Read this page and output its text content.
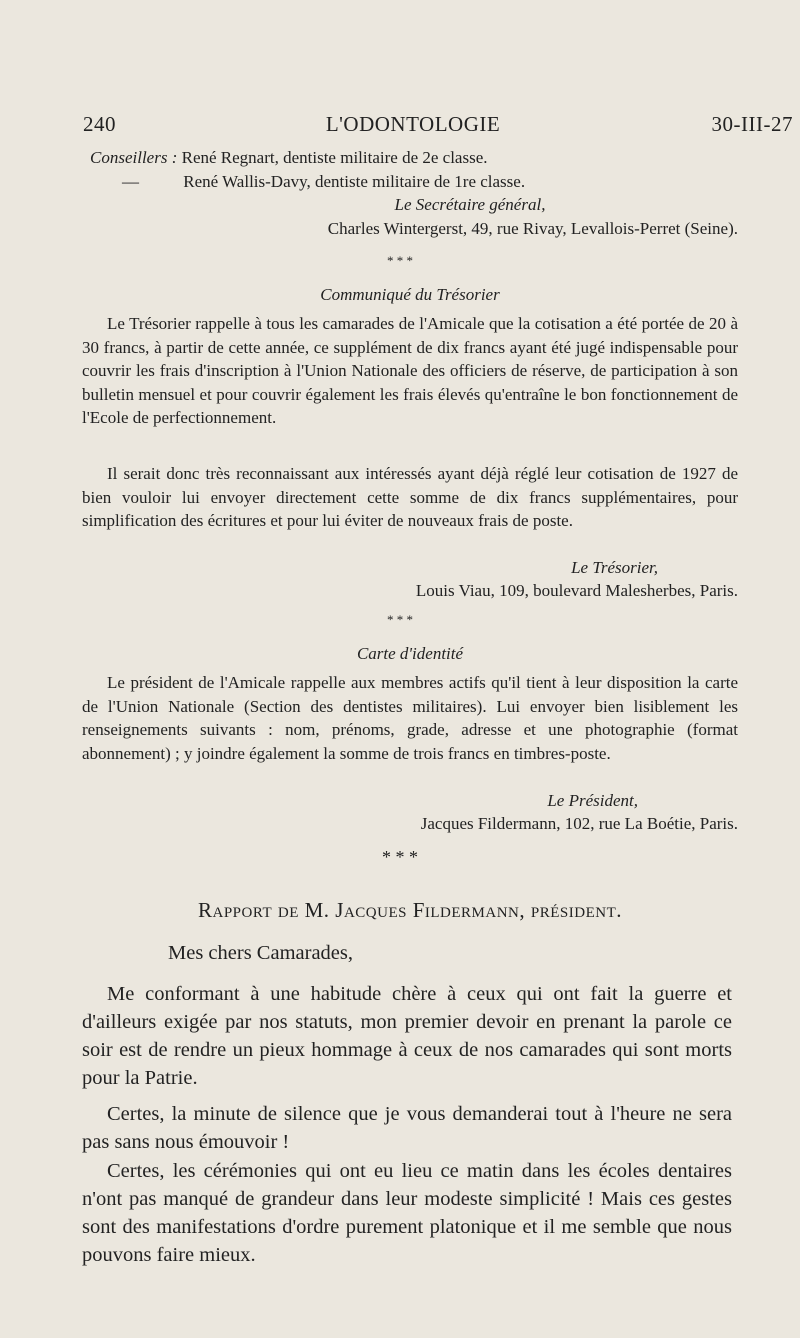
240	L'ODONTOLOGIE	30-III-27
Conseillers : René Regnart, dentiste militaire de 2e classe.
—	René Wallis-Davy, dentiste militaire de 1re classe.
Le Secrétaire général,
Charles Wintergerst, 49, rue Rivay, Levallois-Perret (Seine).
* * *
Communiqué du Trésorier
Le Trésorier rappelle à tous les camarades de l'Amicale que la cotisation a été portée de 20 à 30 francs, à partir de cette année, ce supplément de dix francs ayant été jugé indispensable pour couvrir les frais d'inscription à l'Union Nationale des officiers de réserve, de participation à son bulletin mensuel et pour couvrir également les frais élevés qu'entraîne le bon fonctionnement de l'Ecole de perfectionnement.
Il serait donc très reconnaissant aux intéressés ayant déjà réglé leur cotisation de 1927 de bien vouloir lui envoyer directement cette somme de dix francs supplémentaires, pour simplification des écritures et pour lui éviter de nouveaux frais de poste.
Le Trésorier,
Louis Viau, 109, boulevard Malesherbes, Paris.
* * *
Carte d'identité
Le président de l'Amicale rappelle aux membres actifs qu'il tient à leur disposition la carte de l'Union Nationale (Section des dentistes militaires). Lui envoyer bien lisiblement les renseignements suivants : nom, prénoms, grade, adresse et une photographie (format abonnement) ; y joindre également la somme de trois francs en timbres-poste.
Le Président,
Jacques Fildermann, 102, rue La Boétie, Paris.
* * *
Rapport de M. Jacques Fildermann, président.
Mes chers Camarades,
Me conformant à une habitude chère à ceux qui ont fait la guerre et d'ailleurs exigée par nos statuts, mon premier devoir en prenant la parole ce soir est de rendre un pieux hommage à ceux de nos camarades qui sont morts pour la Patrie.
Certes, la minute de silence que je vous demanderai tout à l'heure ne sera pas sans nous émouvoir !
Certes, les cérémonies qui ont eu lieu ce matin dans les écoles dentaires n'ont pas manqué de grandeur dans leur modeste simplicité ! Mais ces gestes sont des manifestations d'ordre purement platonique et il me semble que nous pouvons faire mieux.
